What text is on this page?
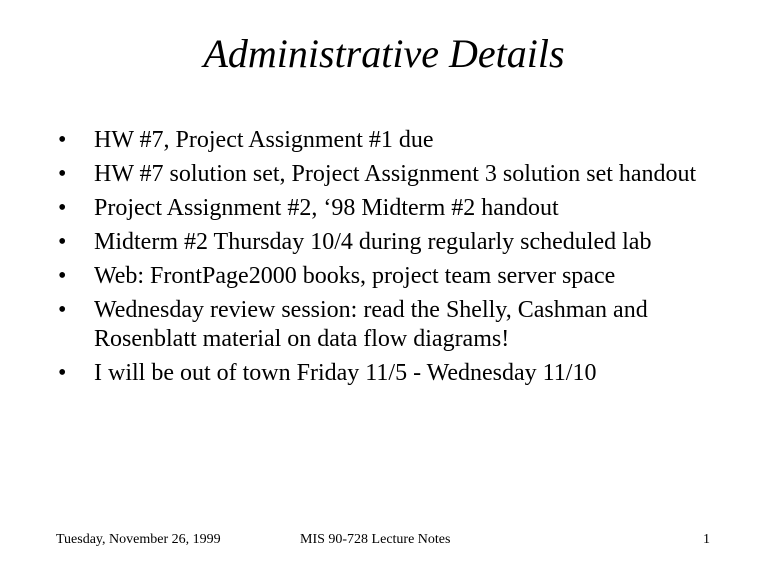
Administrative Details
• HW #7, Project Assignment #1 due
• HW #7 solution set, Project Assignment 3 solution set handout
• Project Assignment #2, ‘98 Midterm #2 handout
• Midterm #2 Thursday 10/4 during regularly scheduled lab
• Web: FrontPage2000 books, project team server space
• Wednesday review session: read the Shelly, Cashman and Rosenblatt material on data flow diagrams!
• I will be out of town Friday 11/5 - Wednesday 11/10
Tuesday, November 26, 1999	MIS 90-728 Lecture Notes	1
